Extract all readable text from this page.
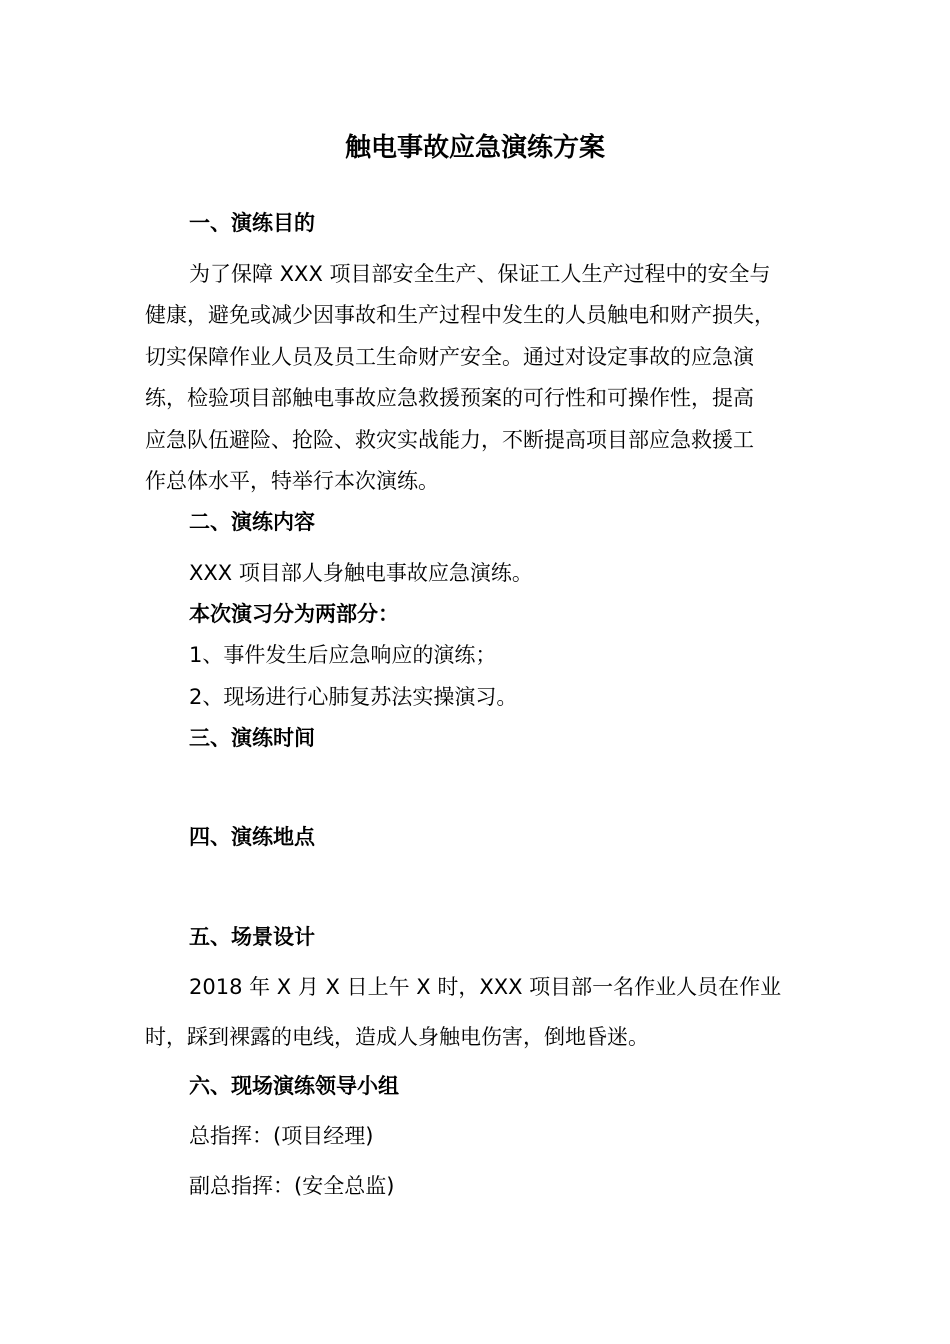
触电事故应急演练方案
一、演练目的
为了保障 XXX 项目部安全生产、保证工人生产过程中的安全与
健康，避免或减少因事故和生产过程中发生的人员触电和财产损失，
切实保障作业人员及员工生命财产安全。通过对设定事故的应急演
练，检验项目部触电事故应急救援预案的可行性和可操作性，提高
应急队伍避险、抢险、救灾实战能力，不断提高项目部应急救援工
作总体水平，特举行本次演练。
二、演练内容
XXX 项目部人身触电事故应急演练。
本次演习分为两部分：
1、事件发生后应急响应的演练；
2、现场进行心肺复苏法实操演习。
三、演练时间
四、演练地点
五、场景设计
2018 年 X 月 X 日上午 X 时，XXX 项目部一名作业人员在作业
时，踩到裸露的电线，造成人身触电伤害，倒地昏迷。
六、现场演练领导小组
总指挥：(项目经理)
副总指挥：(安全总监)
